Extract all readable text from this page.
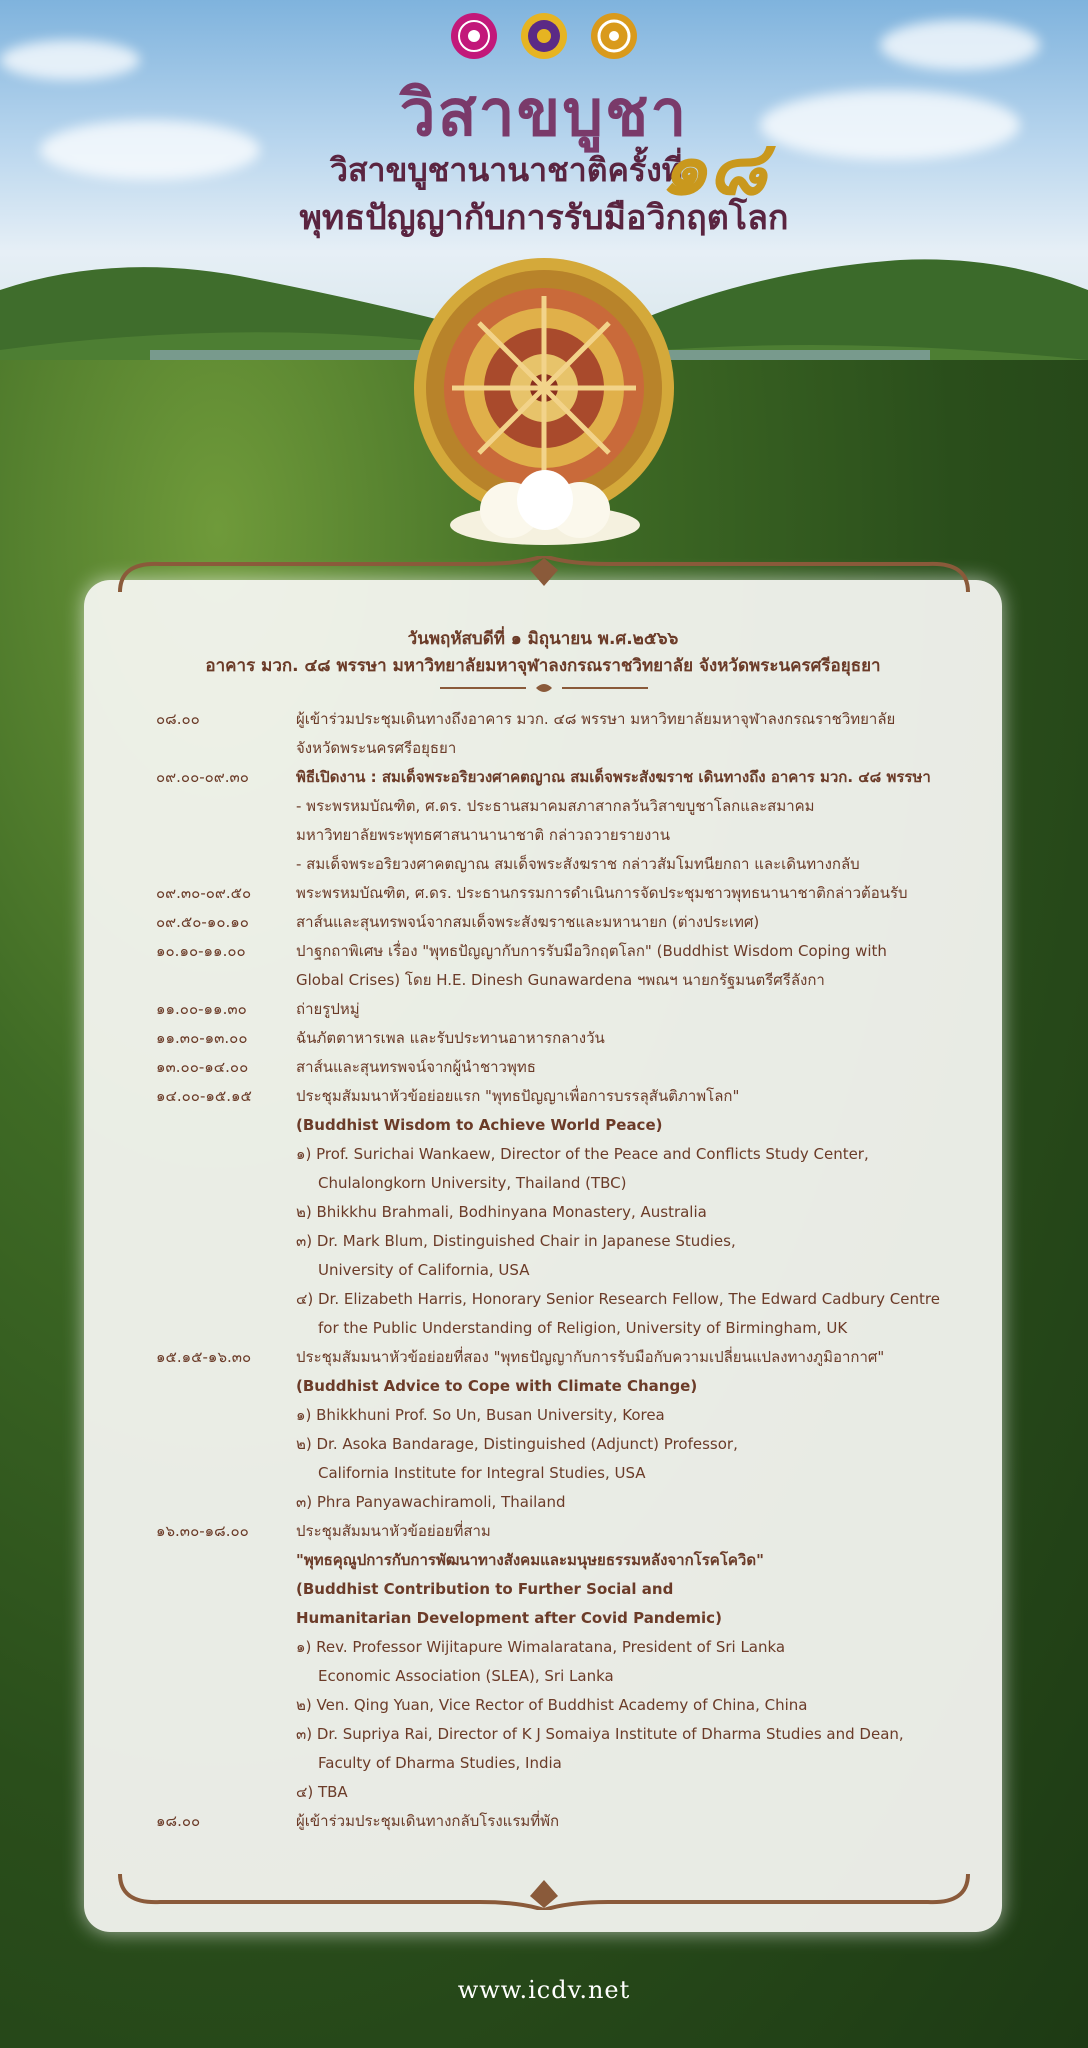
วิสาขบูชา
วิสาขบูชานานาชาติครั้งที่
๑๘
พุทธปัญญากับการรับมือวิกฤตโลก
วันพฤหัสบดีที่ ๑ มิถุนายน พ.ศ.๒๕๖๖
อาคาร มวก. ๔๘ พรรษา มหาวิทยาลัยมหาจุฬาลงกรณราชวิทยาลัย จังหวัดพระนครศรีอยุธยา
๐๘.๐๐	ผู้เข้าร่วมประชุมเดินทางถึงอาคาร มวก. ๔๘ พรรษา มหาวิทยาลัยมหาจุฬาลงกรณราชวิทยาลัย
จังหวัดพระนครศรีอยุธยา
๐๙.๐๐-๐๙.๓๐	พิธีเปิดงาน : สมเด็จพระอริยวงศาคตญาณ สมเด็จพระสังฆราช เดินทางถึง อาคาร มวก. ๔๘ พรรษา
- พระพรหมบัณฑิต, ศ.ดร. ประธานสมาคมสภาสากลวันวิสาขบูชาโลกและสมาคม
มหาวิทยาลัยพระพุทธศาสนานานาชาติ กล่าวถวายรายงาน
- สมเด็จพระอริยวงศาคตญาณ สมเด็จพระสังฆราช กล่าวสัมโมทนียกถา และเดินทางกลับ
๐๙.๓๐-๐๙.๕๐	พระพรหมบัณฑิต, ศ.ดร. ประธานกรรมการดำเนินการจัดประชุมชาวพุทธนานาชาติกล่าวต้อนรับ
๐๙.๕๐-๑๐.๑๐	สาส์นและสุนทรพจน์จากสมเด็จพระสังฆราชและมหานายก (ต่างประเทศ)
๑๐.๑๐-๑๑.๐๐	ปาฐกถาพิเศษ เรื่อง "พุทธปัญญากับการรับมือวิกฤตโลก" (Buddhist Wisdom Coping with
Global Crises) โดย H.E. Dinesh Gunawardena ฯพณฯ นายกรัฐมนตรีศรีลังกา
๑๑.๐๐-๑๑.๓๐	ถ่ายรูปหมู่
๑๑.๓๐-๑๓.๐๐	ฉันภัตตาหารเพล และรับประทานอาหารกลางวัน
๑๓.๐๐-๑๔.๐๐	สาส์นและสุนทรพจน์จากผู้นำชาวพุทธ
๑๔.๐๐-๑๕.๑๕	ประชุมสัมมนาหัวข้อย่อยแรก "พุทธปัญญาเพื่อการบรรลุสันติภาพโลก"
(Buddhist Wisdom to Achieve World Peace)
๑) Prof. Surichai Wankaew, Director of the Peace and Conflicts Study Center,
Chulalongkorn University, Thailand (TBC)
๒) Bhikkhu Brahmali, Bodhinyana Monastery, Australia
๓) Dr. Mark Blum, Distinguished Chair in Japanese Studies,
University of California, USA
๔) Dr. Elizabeth Harris, Honorary Senior Research Fellow, The Edward Cadbury Centre
for the Public Understanding of Religion, University of Birmingham, UK
๑๕.๑๕-๑๖.๓๐	ประชุมสัมมนาหัวข้อย่อยที่สอง "พุทธปัญญากับการรับมือกับความเปลี่ยนแปลงทางภูมิอากาศ"
(Buddhist Advice to Cope with Climate Change)
๑) Bhikkhuni Prof. So Un, Busan University, Korea
๒) Dr. Asoka Bandarage, Distinguished (Adjunct) Professor,
California Institute for Integral Studies, USA
๓) Phra Panyawachiramoli, Thailand
๑๖.๓๐-๑๘.๐๐	ประชุมสัมมนาหัวข้อย่อยที่สาม
"พุทธคุณูปการกับการพัฒนาทางสังคมและมนุษยธรรมหลังจากโรคโควิด"
(Buddhist Contribution to Further Social and
Humanitarian Development after Covid Pandemic)
๑) Rev. Professor Wijitapure Wimalaratana, President of Sri Lanka
Economic Association (SLEA), Sri Lanka
๒) Ven. Qing Yuan, Vice Rector of Buddhist Academy of China, China
๓) Dr. Supriya Rai, Director of K J Somaiya Institute of Dharma Studies and Dean,
Faculty of Dharma Studies, India
๔) TBA
๑๘.๐๐	ผู้เข้าร่วมประชุมเดินทางกลับโรงแรมที่พัก
www.icdv.net
